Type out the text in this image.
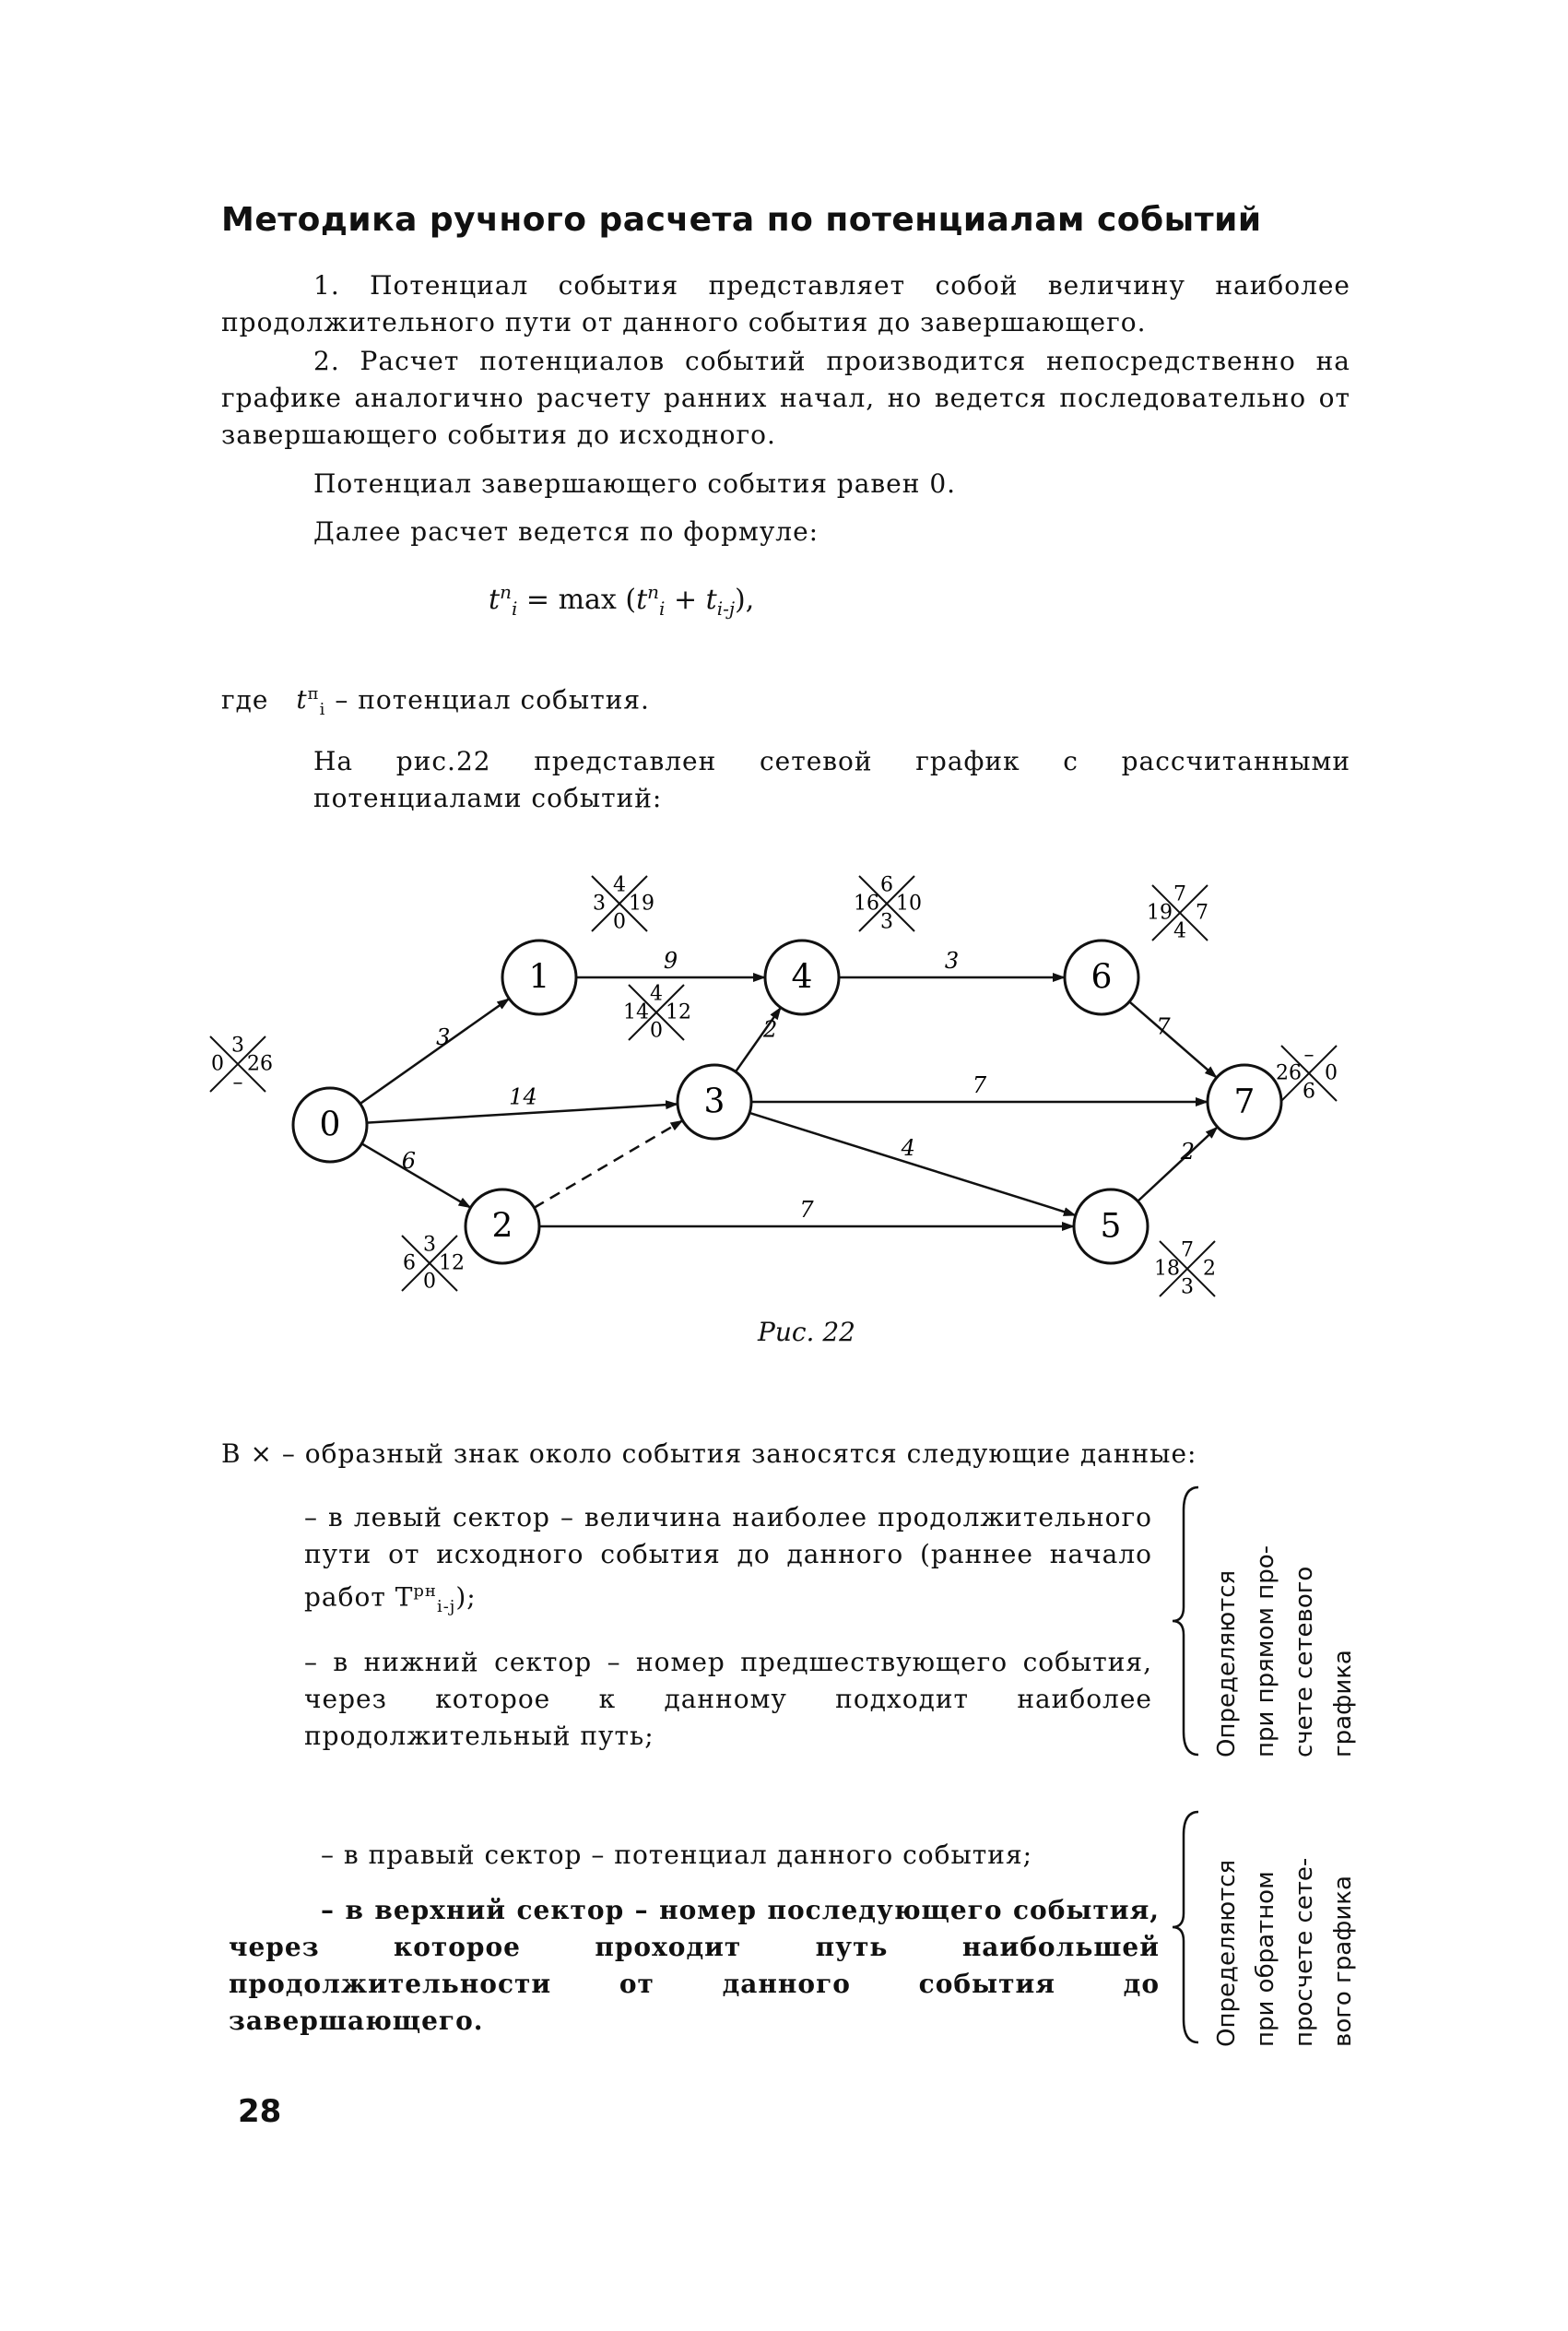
Методика ручного расчета по потенциалам событий
1. Потенциал события представляет собой величину наиболее продолжительного пути от данного события до завершающего.
2. Расчет потенциалов событий производится непосредственно на графике аналогично расчету ранних начал, но ведется последовательно от завершающего события до исходного.
Потенциал завершающего события равен 0.
Далее расчет ведется по формуле:
$t^п_i = \max (t^п_i + t_{i-j})$,
где $t^п_i$ – потенциал события.
На рис.22 представлен сетевой график с рассчитанными потенциалами событий:
3
14
6
9
2
3
7
4
7
7
2
0
1
2
3
4
5
6
7
3
–
0 26
4
0
3 19
3
0
6 12
4
0
14 12
6
3
16 10
7
3
18 2
7
4
19 7
–
6
26 0
Рис. 22
В × – образный знак около события заносятся следующие данные:
– в левый сектор – величина наиболее продолжительного пути от исходного события до данного (раннее начало работ $T^{рн}_{i-j}$);
– в нижний сектор – номер предшествующего события, через которое к данному подходит наиболее продолжительный путь;	Определяются
при прямом про-
счете сетевого
графика
– в правый сектор – потенциал данного события;
– в верхний сектор – номер последующего события, через которое проходит путь наибольшей продолжительности от данного события до завершающего.	Определяются
при обратном
просчете сете-
вого графика
28
